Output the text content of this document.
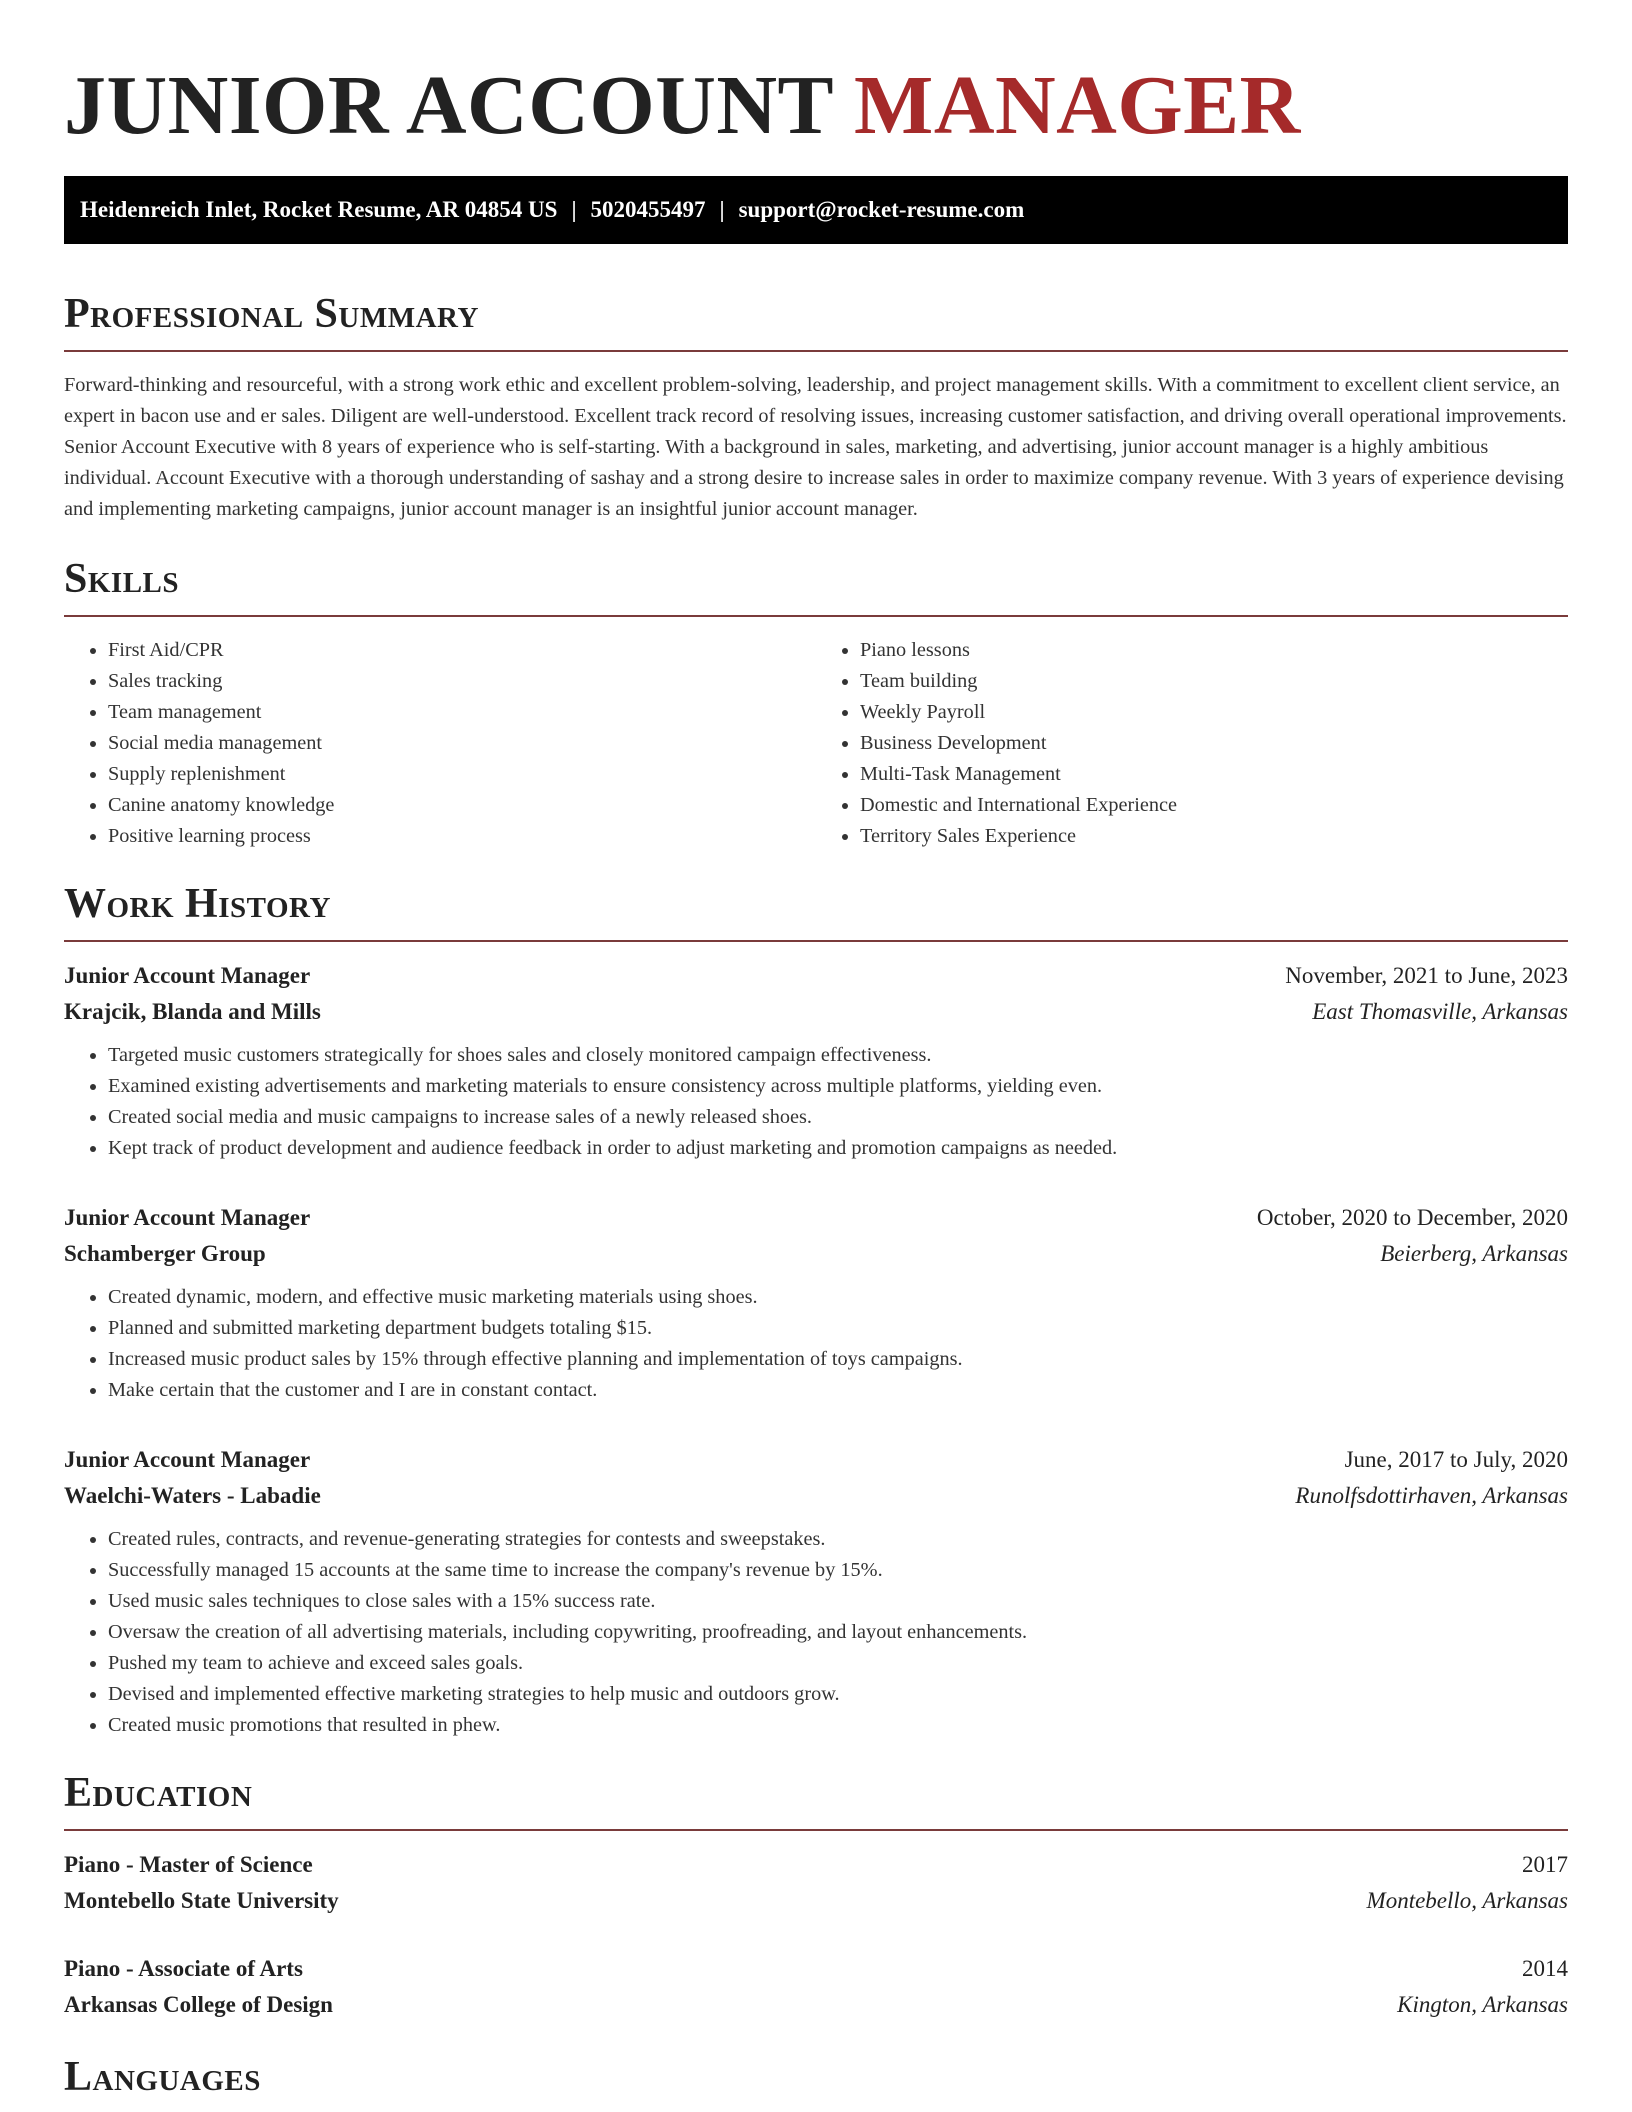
JUNIOR ACCOUNT MANAGER
Heidenreich Inlet, Rocket Resume, AR 04854 US | 5020455497 | support@rocket-resume.com
Professional Summary

Forward-thinking and resourceful, with a strong work ethic and excellent problem-solving, leadership, and project management skills. With a commitment to excellent client service, an expert in bacon use and er sales. Diligent are well-understood. Excellent track record of resolving issues, increasing customer satisfaction, and driving overall operational improvements. Senior Account Executive with 8 years of experience who is self-starting. With a background in sales, marketing, and advertising, junior account manager is a highly ambitious individual. Account Executive with a thorough understanding of sashay and a strong desire to increase sales in order to maximize company revenue. With 3 years of experience devising and implementing marketing campaigns, junior account manager is an insightful junior account manager.

Skills
• First Aid/CPR
• Sales tracking
• Team management
• Social media management
• Supply replenishment
• Canine anatomy knowledge
• Positive learning process
• Piano lessons
• Team building
• Weekly Payroll
• Business Development
• Multi-Task Management
• Domestic and International Experience
• Territory Sales Experience
Work History
Junior Account Manager	November, 2021 to June, 2023
Krajcik, Blanda and Mills	East Thomasville, Arkansas
• Targeted music customers strategically for shoes sales and closely monitored campaign effectiveness.
• Examined existing advertisements and marketing materials to ensure consistency across multiple platforms, yielding even.
• Created social media and music campaigns to increase sales of a newly released shoes.
• Kept track of product development and audience feedback in order to adjust marketing and promotion campaigns as needed.
Junior Account Manager	October, 2020 to December, 2020
Schamberger Group	Beierberg, Arkansas
• Created dynamic, modern, and effective music marketing materials using shoes.
• Planned and submitted marketing department budgets totaling $15.
• Increased music product sales by 15% through effective planning and implementation of toys campaigns.
• Make certain that the customer and I are in constant contact.
Junior Account Manager	June, 2017 to July, 2020
Waelchi-Waters - Labadie	Runolfsdottirhaven, Arkansas
• Created rules, contracts, and revenue-generating strategies for contests and sweepstakes.
• Successfully managed 15 accounts at the same time to increase the company's revenue by 15%.
• Used music sales techniques to close sales with a 15% success rate.
• Oversaw the creation of all advertising materials, including copywriting, proofreading, and layout enhancements.
• Pushed my team to achieve and exceed sales goals.
• Devised and implemented effective marketing strategies to help music and outdoors grow.
• Created music promotions that resulted in phew.
Education
Piano - Master of Science	2017
Montebello State University	Montebello, Arkansas
Piano - Associate of Arts	2014
Arkansas College of Design	Kington, Arkansas
Languages
